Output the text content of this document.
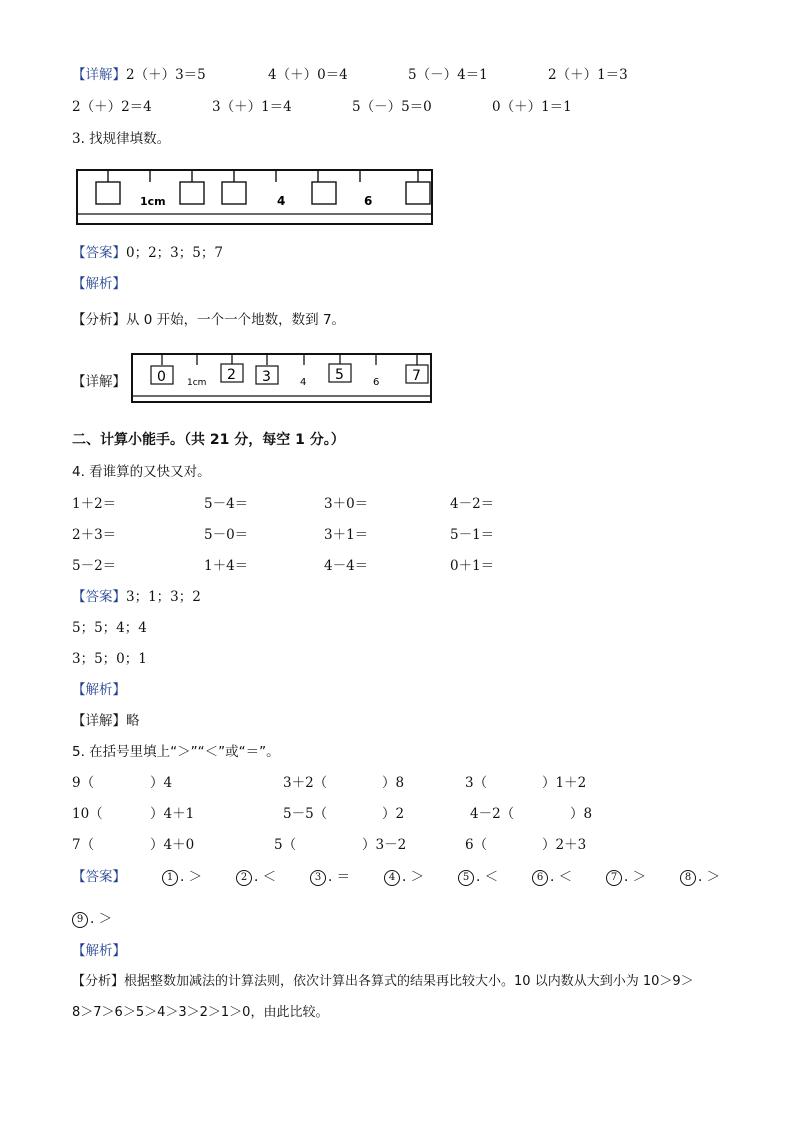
【详解】2（＋）3＝5	4（＋）0＝4	5（－）4＝1	2（＋）1＝3
2（＋）2＝4	3（＋）1＝4	5（－）5＝0	0（＋）1＝1
3. 找规律填数。
1cm	4	6
【答案】0；2；3；5；7
【解析】
【分析】从 0 开始，一个一个地数，数到 7。
【详解】 0 1cm 2 3	4 5	6 7
二、计算小能手。（共 21 分，每空 1 分。）
4. 看谁算的又快又对。
1＋2＝	5－4＝	3＋0＝	4－2＝
2＋3＝	5－0＝	3＋1＝	5－1＝
5－2＝	1＋4＝	4－4＝	0＋1＝
【答案】3；1；3；2
5；5；4；4
3；5；0；1
【解析】
【详解】略
5. 在括号里填上“＞”“＜”或“＝”。
9（	）4	3＋2（	）8	3（	）1＋2
10（	）4＋1	5－5（	）2	4－2（	）8
7（	）4＋0	5（	）3－2	6（	）2＋3
【答案】	1 . ＞	2 . ＜	3 . ＝	4 . ＞	5 . ＜	6 . ＜	7 . ＞	8 . ＞
9 . ＞
【解析】
【分析】根据整数加减法的计算法则，依次计算出各算式的结果再比较大小。10 以内数从大到小为 10＞9＞
8＞7＞6＞5＞4＞3＞2＞1＞0，由此比较。
